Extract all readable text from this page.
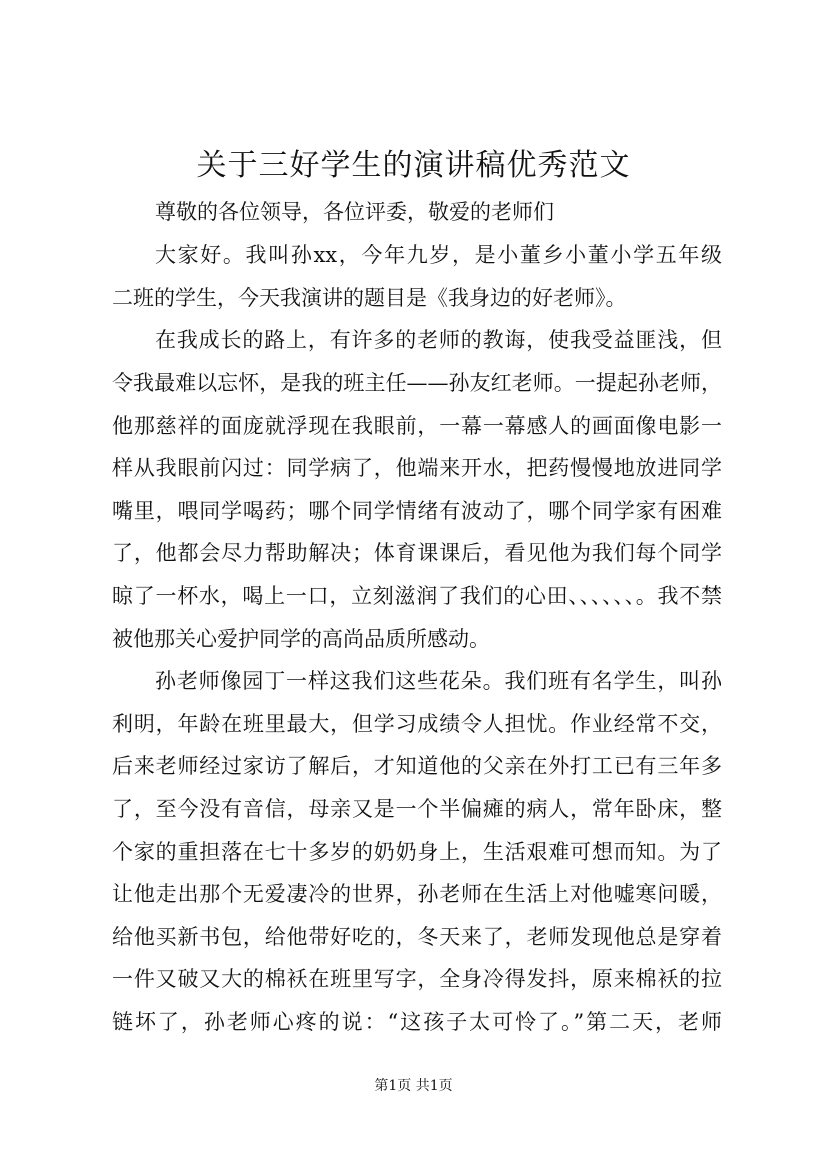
关于三好学生的演讲稿优秀范文
尊敬的各位领导，各位评委，敬爱的老师们
大家好。我叫孙xx，今年九岁，是小董乡小董小学五年级
二班的学生，今天我演讲的题目是《我身边的好老师》。
在我成长的路上，有许多的老师的教诲，使我受益匪浅，但
令我最难以忘怀，是我的班主任——孙友红老师。一提起孙老师，
他那慈祥的面庞就浮现在我眼前，一幕一幕感人的画面像电影一
样从我眼前闪过：同学病了，他端来开水，把药慢慢地放进同学
嘴里，喂同学喝药；哪个同学情绪有波动了，哪个同学家有困难
了，他都会尽力帮助解决；体育课课后，看见他为我们每个同学
晾了一杯水，喝上一口，立刻滋润了我们的心田、、、、、、。我不禁
被他那关心爱护同学的高尚品质所感动。
孙老师像园丁一样这我们这些花朵。我们班有名学生，叫孙
利明，年龄在班里最大，但学习成绩令人担忧。作业经常不交，
后来老师经过家访了解后，才知道他的父亲在外打工已有三年多
了，至今没有音信，母亲又是一个半偏瘫的病人，常年卧床，整
个家的重担落在七十多岁的奶奶身上，生活艰难可想而知。为了
让他走出那个无爱凄冷的世界，孙老师在生活上对他嘘寒问暖，
给他买新书包，给他带好吃的，冬天来了，老师发现他总是穿着
一件又破又大的棉袄在班里写字，全身冷得发抖，原来棉袄的拉
链坏了，孙老师心疼的说：“这孩子太可怜了。”第二天，老师
第1页 共1页
